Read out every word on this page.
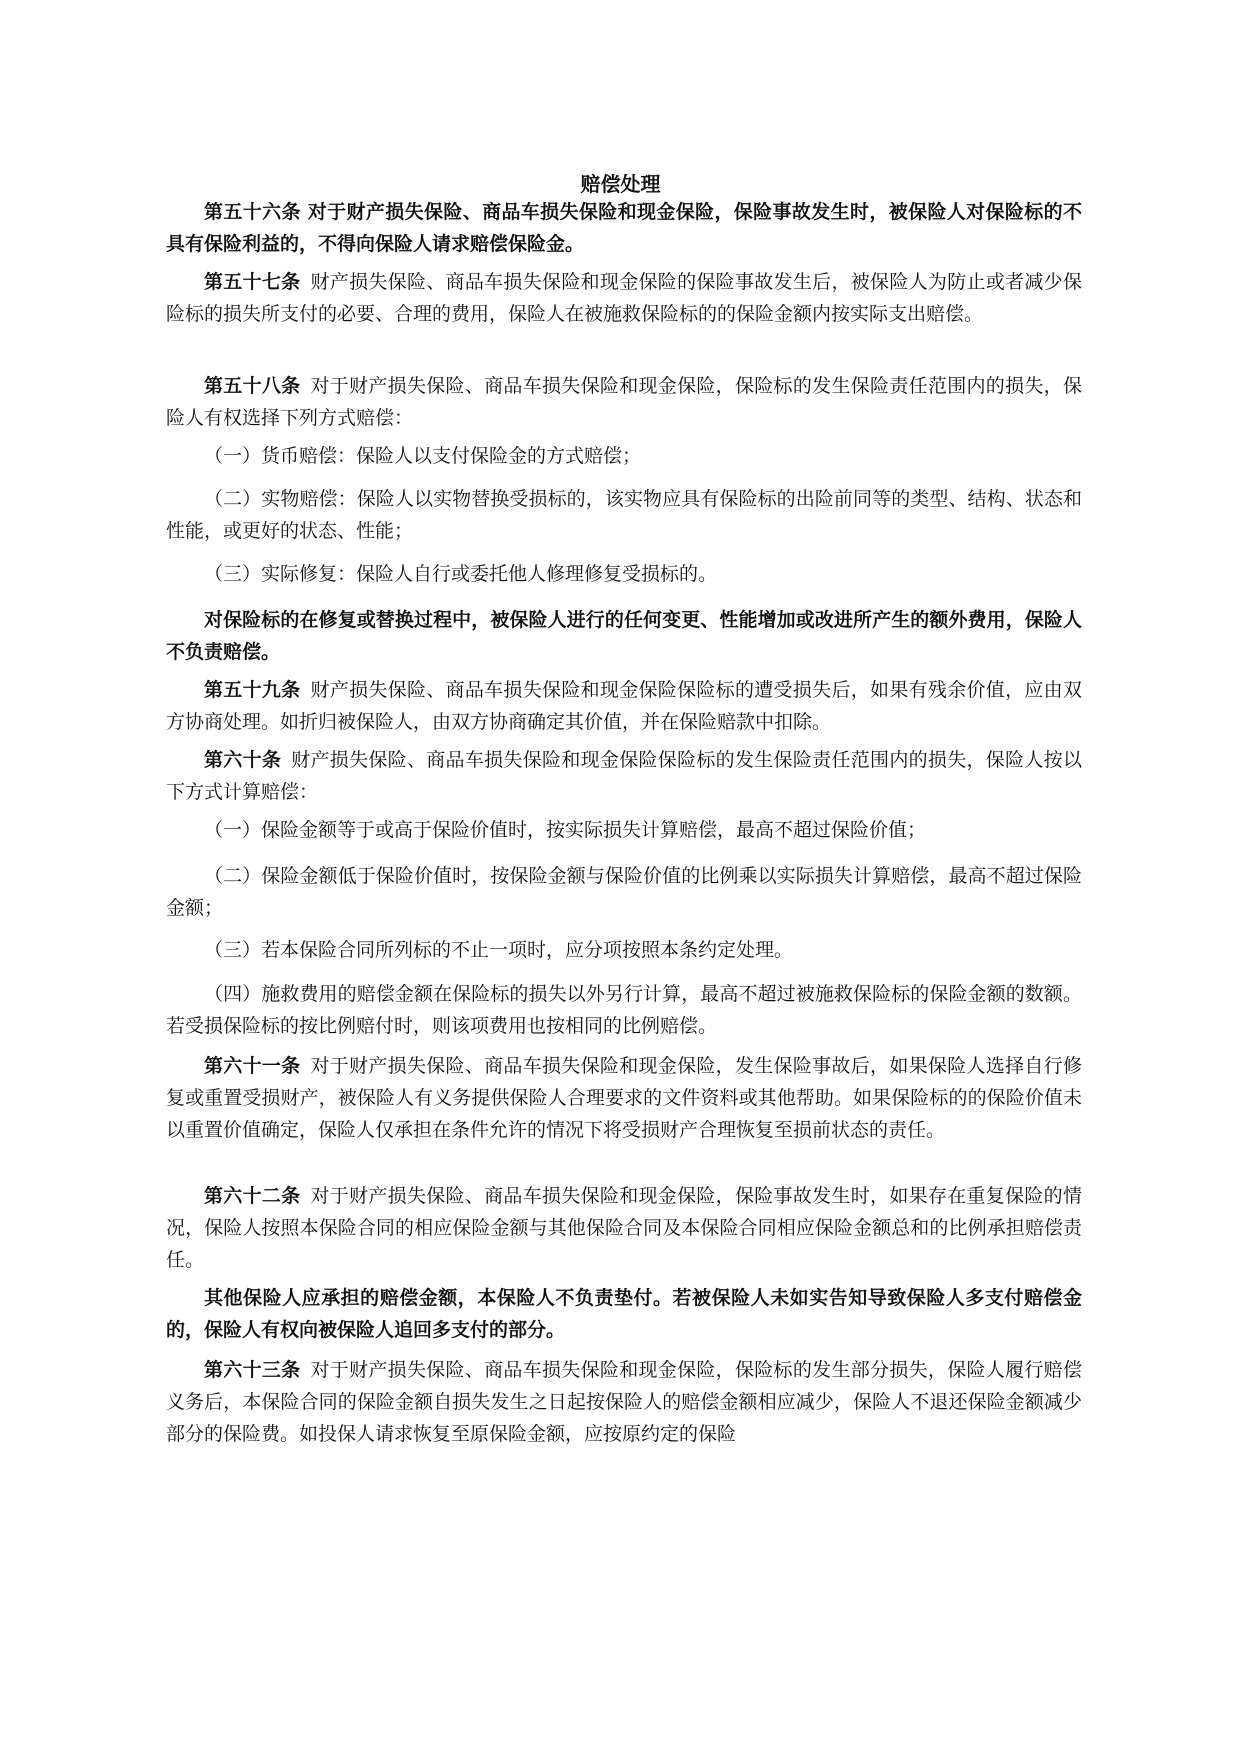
赔偿处理

第五十六条 对于财产损失保险、商品车损失保险和现金保险，保险事故发生时，被保险人对保险标的不具有保险利益的，不得向保险人请求赔偿保险金。

第五十七条 财产损失保险、商品车损失保险和现金保险的保险事故发生后，被保险人为防止或者减少保险标的损失所支付的必要、合理的费用，保险人在被施救保险标的的保险金额内按实际支出赔偿。

第五十八条 对于财产损失保险、商品车损失保险和现金保险，保险标的发生保险责任范围内的损失，保险人有权选择下列方式赔偿：

（一）货币赔偿：保险人以支付保险金的方式赔偿；

（二）实物赔偿：保险人以实物替换受损标的，该实物应具有保险标的出险前同等的类型、结构、状态和性能，或更好的状态、性能；

（三）实际修复：保险人自行或委托他人修理修复受损标的。

对保险标的在修复或替换过程中，被保险人进行的任何变更、性能增加或改进所产生的额外费用，保险人不负责赔偿。

第五十九条 财产损失保险、商品车损失保险和现金保险保险标的遭受损失后，如果有残余价值，应由双方协商处理。如折归被保险人，由双方协商确定其价值，并在保险赔款中扣除。

第六十条 财产损失保险、商品车损失保险和现金保险保险标的发生保险责任范围内的损失，保险人按以下方式计算赔偿：

（一）保险金额等于或高于保险价值时，按实际损失计算赔偿，最高不超过保险价值；

（二）保险金额低于保险价值时，按保险金额与保险价值的比例乘以实际损失计算赔偿，最高不超过保险金额；

（三）若本保险合同所列标的不止一项时，应分项按照本条约定处理。

（四）施救费用的赔偿金额在保险标的损失以外另行计算，最高不超过被施救保险标的保险金额的数额。若受损保险标的按比例赔付时，则该项费用也按相同的比例赔偿。

第六十一条 对于财产损失保险、商品车损失保险和现金保险，发生保险事故后，如果保险人选择自行修复或重置受损财产，被保险人有义务提供保险人合理要求的文件资料或其他帮助。如果保险标的的保险价值未以重置价值确定，保险人仅承担在条件允许的情况下将受损财产合理恢复至损前状态的责任。

第六十二条 对于财产损失保险、商品车损失保险和现金保险，保险事故发生时，如果存在重复保险的情况，保险人按照本保险合同的相应保险金额与其他保险合同及本保险合同相应保险金额总和的比例承担赔偿责任。

其他保险人应承担的赔偿金额，本保险人不负责垫付。若被保险人未如实告知导致保险人多支付赔偿金的，保险人有权向被保险人追回多支付的部分。

第六十三条 对于财产损失保险、商品车损失保险和现金保险，保险标的发生部分损失，保险人履行赔偿义务后，本保险合同的保险金额自损失发生之日起按保险人的赔偿金额相应减少，保险人不退还保险金额减少部分的保险费。如投保人请求恢复至原保险金额，应按原约定的保险
